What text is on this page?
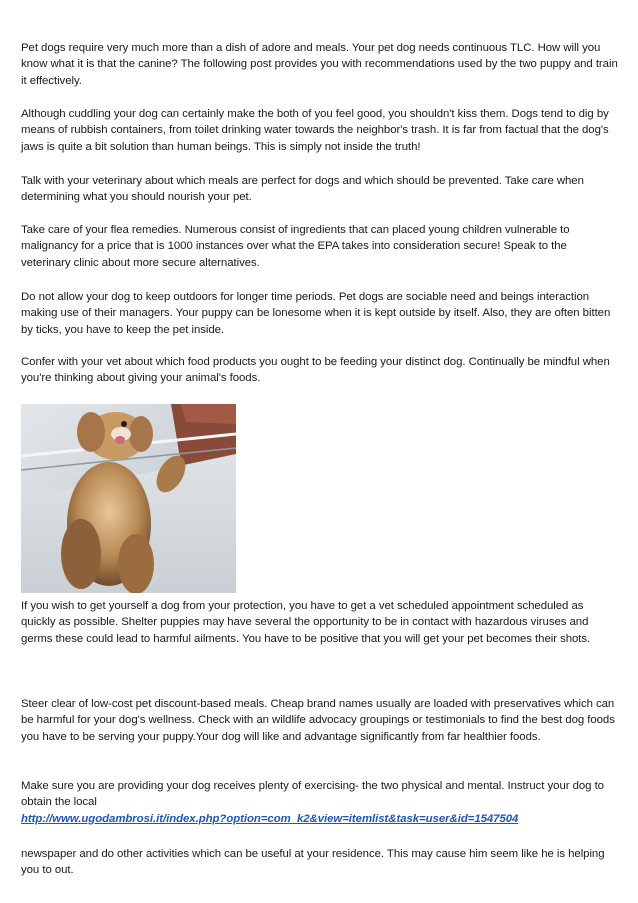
Pet dogs require very much more than a dish of adore and meals. Your pet dog needs continuous TLC. How will you know what it is that the canine? The following post provides you with recommendations used by the two puppy and train it effectively.

Although cuddling your dog can certainly make the both of you feel good, you shouldn't kiss them. Dogs tend to dig by means of rubbish containers, from toilet drinking water towards the neighbor's trash. It is far from factual that the dog's jaws is quite a bit solution than human beings. This is simply not inside the truth!

Talk with your veterinary about which meals are perfect for dogs and which should be prevented. Take care when determining what you should nourish your pet.

Take care of your flea remedies. Numerous consist of ingredients that can placed young children vulnerable to malignancy for a price that is 1000 instances over what the EPA takes into consideration secure! Speak to the veterinary clinic about more secure alternatives.

Do not allow your dog to keep outdoors for longer time periods. Pet dogs are sociable need and beings interaction making use of their managers. Your puppy can be lonesome when it is kept outside by itself. Also, they are often bitten by ticks, you have to keep the pet inside.

Confer with your vet about which food products you ought to be feeding your distinct dog. Continually be mindful when you're thinking about giving your animal's foods.

If you wish to get yourself a dog from your protection, you have to get a vet scheduled appointment scheduled as quickly as possible. Shelter puppies may have several the opportunity to be in contact with hazardous viruses and germs these could lead to harmful ailments. You have to be positive that you will get your pet becomes their shots.

Steer clear of low-cost pet discount-based meals. Cheap brand names usually are loaded with preservatives which can be harmful for your dog's wellness. Check with an wildlife advocacy groupings or testimonials to find the best dog foods you have to be serving your puppy.Your dog will like and advantage significantly from far healthier foods.

Make sure you are providing your dog receives plenty of exercising- the two physical and mental. Instruct your dog to obtain the local
http://www.ugodambrosi.it/index.php?option=com_k2&view=itemlist&task=user&id=1547504

newspaper and do other activities which can be useful at your residence. This may cause him seem like he is helping you to out.
